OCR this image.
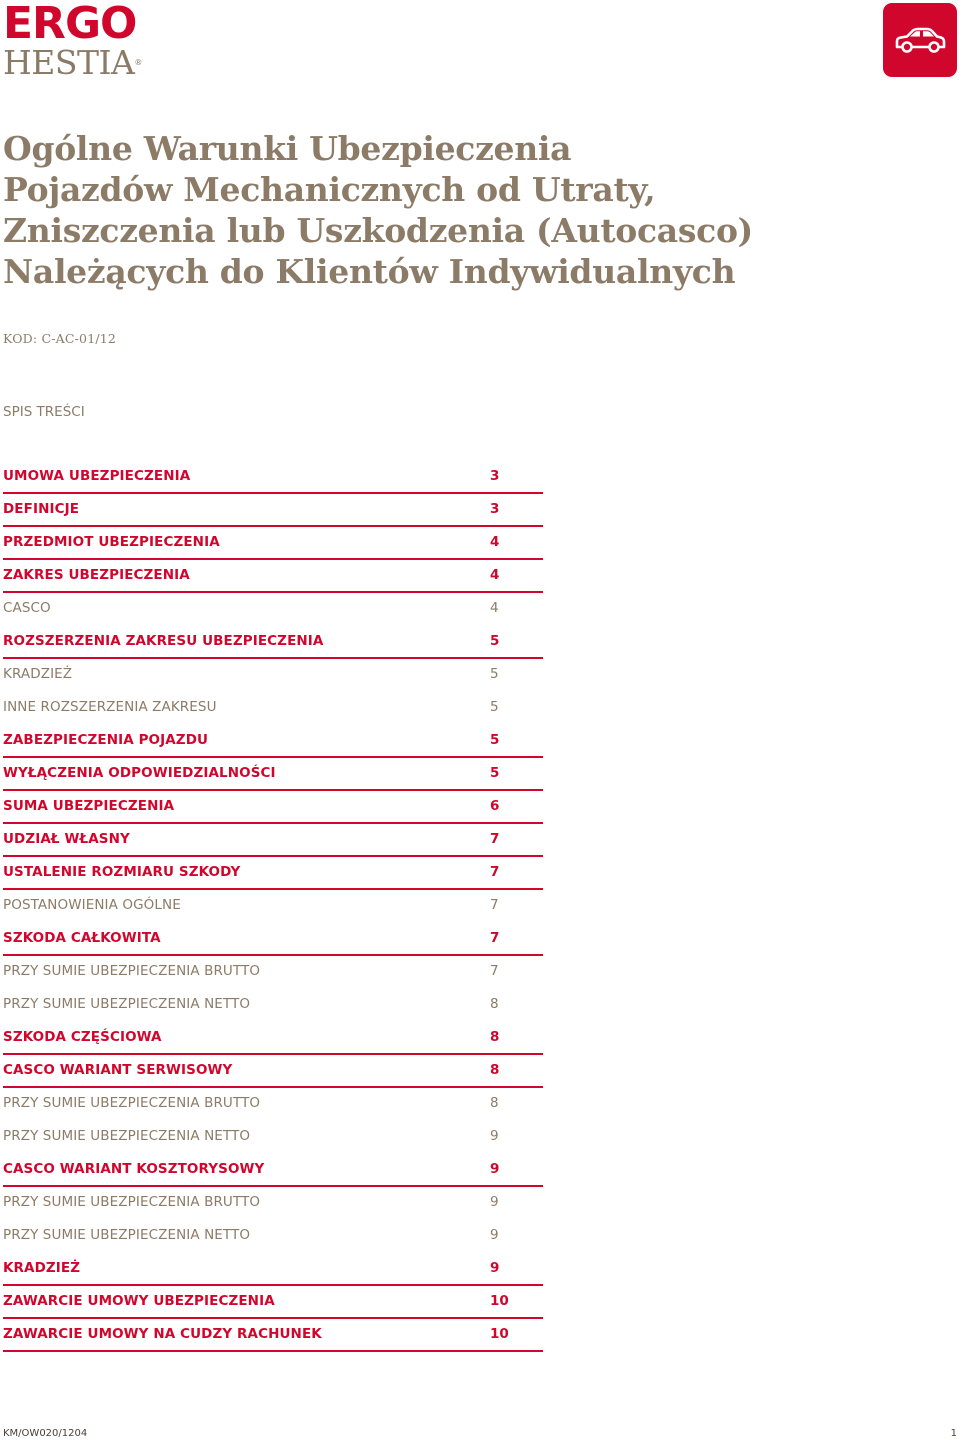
ERGO
HESTIA®
Ogólne Warunki Ubezpieczenia
Pojazdów Mechanicznych od Utraty,
Zniszczenia lub Uszkodzenia (Autocasco)
Należących do Klientów Indywidualnych
KOD: C-AC-01/12
SPIS TREŚCI
UMOWA UBEZPIECZENIA	3
DEFINICJE	3
PRZEDMIOT UBEZPIECZENIA	4
ZAKRES UBEZPIECZENIA	4
CASCO	4
ROZSZERZENIA ZAKRESU UBEZPIECZENIA	5
KRADZIEŻ	5
INNE ROZSZERZENIA ZAKRESU	5
ZABEZPIECZENIA POJAZDU	5
WYŁĄCZENIA ODPOWIEDZIALNOŚCI	5
SUMA UBEZPIECZENIA	6
UDZIAŁ WŁASNY	7
USTALENIE ROZMIARU SZKODY	7
POSTANOWIENIA OGÓLNE	7
SZKODA CAŁKOWITA	7
PRZY SUMIE UBEZPIECZENIA BRUTTO	7
PRZY SUMIE UBEZPIECZENIA NETTO	8
SZKODA CZĘŚCIOWA	8
CASCO WARIANT SERWISOWY	8
PRZY SUMIE UBEZPIECZENIA BRUTTO	8
PRZY SUMIE UBEZPIECZENIA NETTO	9
CASCO WARIANT KOSZTORYSOWY	9
PRZY SUMIE UBEZPIECZENIA BRUTTO	9
PRZY SUMIE UBEZPIECZENIA NETTO	9
KRADZIEŻ	9
ZAWARCIE UMOWY UBEZPIECZENIA	10
ZAWARCIE UMOWY NA CUDZY RACHUNEK	10
KM/OW020/1204	1
